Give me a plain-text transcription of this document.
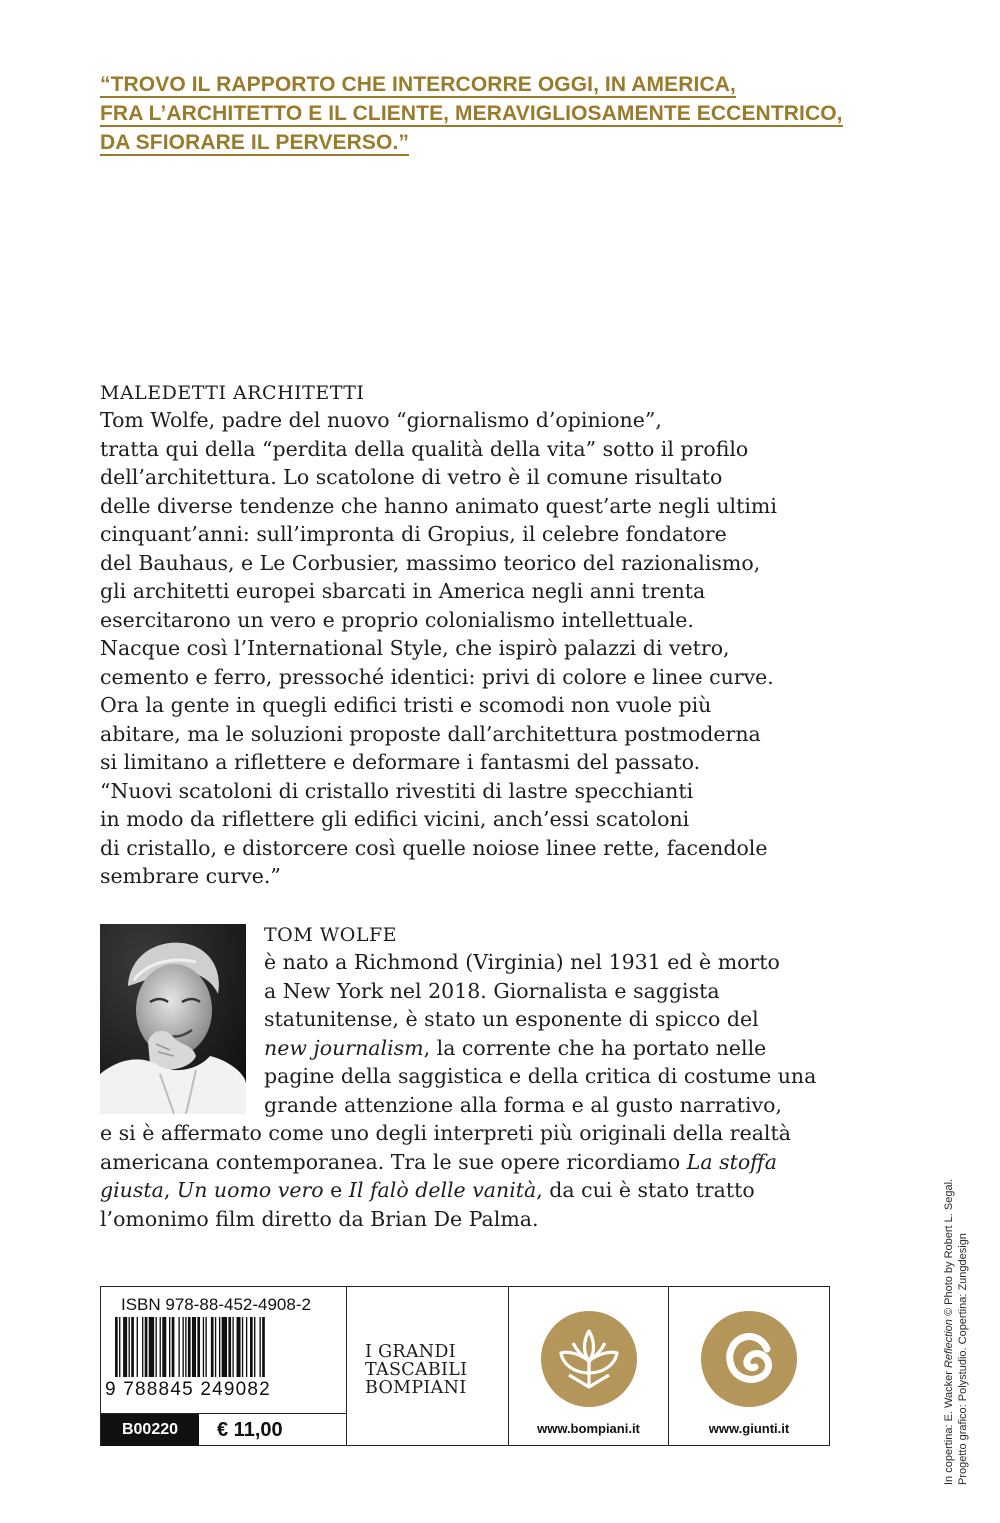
“TROVO IL RAPPORTO CHE INTERCORRE OGGI, IN AMERICA,
FRA L’ARCHITETTO E IL CLIENTE, MERAVIGLIOSAMENTE ECCENTRICO,
DA SFIORARE IL PERVERSO.”
MALEDETTI ARCHITETTI
Tom Wolfe, padre del nuovo “giornalismo d’opinione”,
tratta qui della “perdita della qualità della vita” sotto il profilo
dell’architettura. Lo scatolone di vetro è il comune risultato
delle diverse tendenze che hanno animato quest’arte negli ultimi
cinquant’anni: sull’impronta di Gropius, il celebre fondatore
del Bauhaus, e Le Corbusier, massimo teorico del razionalismo,
gli architetti europei sbarcati in America negli anni trenta
esercitarono un vero e proprio colonialismo intellettuale.
Nacque così l’International Style, che ispirò palazzi di vetro,
cemento e ferro, pressoché identici: privi di colore e linee curve.
Ora la gente in quegli edifici tristi e scomodi non vuole più
abitare, ma le soluzioni proposte dall’architettura postmoderna
si limitano a riflettere e deformare i fantasmi del passato.
“Nuovi scatoloni di cristallo rivestiti di lastre specchianti
in modo da riflettere gli edifici vicini, anch’essi scatoloni
di cristallo, e distorcere così quelle noiose linee rette, facendole
sembrare curve.”
TOM WOLFE
è nato a Richmond (Virginia) nel 1931 ed è morto
a New York nel 2018. Giornalista e saggista
statunitense, è stato un esponente di spicco del
new journalism, la corrente che ha portato nelle
pagine della saggistica e della critica di costume una
grande attenzione alla forma e al gusto narrativo,
e si è affermato come uno degli interpreti più originali della realtà
americana contemporanea. Tra le sue opere ricordiamo La stoffa
giusta, Un uomo vero e Il falò delle vanità, da cui è stato tratto
l’omonimo film diretto da Brian De Palma.
In copertina: E. Wacker Reflection © Photo by Robert L. Segal. Progetto grafico: Polystudio. Copertina: Zungdesign
ISBN 978-88-452-4908-2
9 788845 249082
B00220	€ 11,00
I GRANDI
TASCABILI
BOMPIANI
www.bompiani.it	www.giunti.it
